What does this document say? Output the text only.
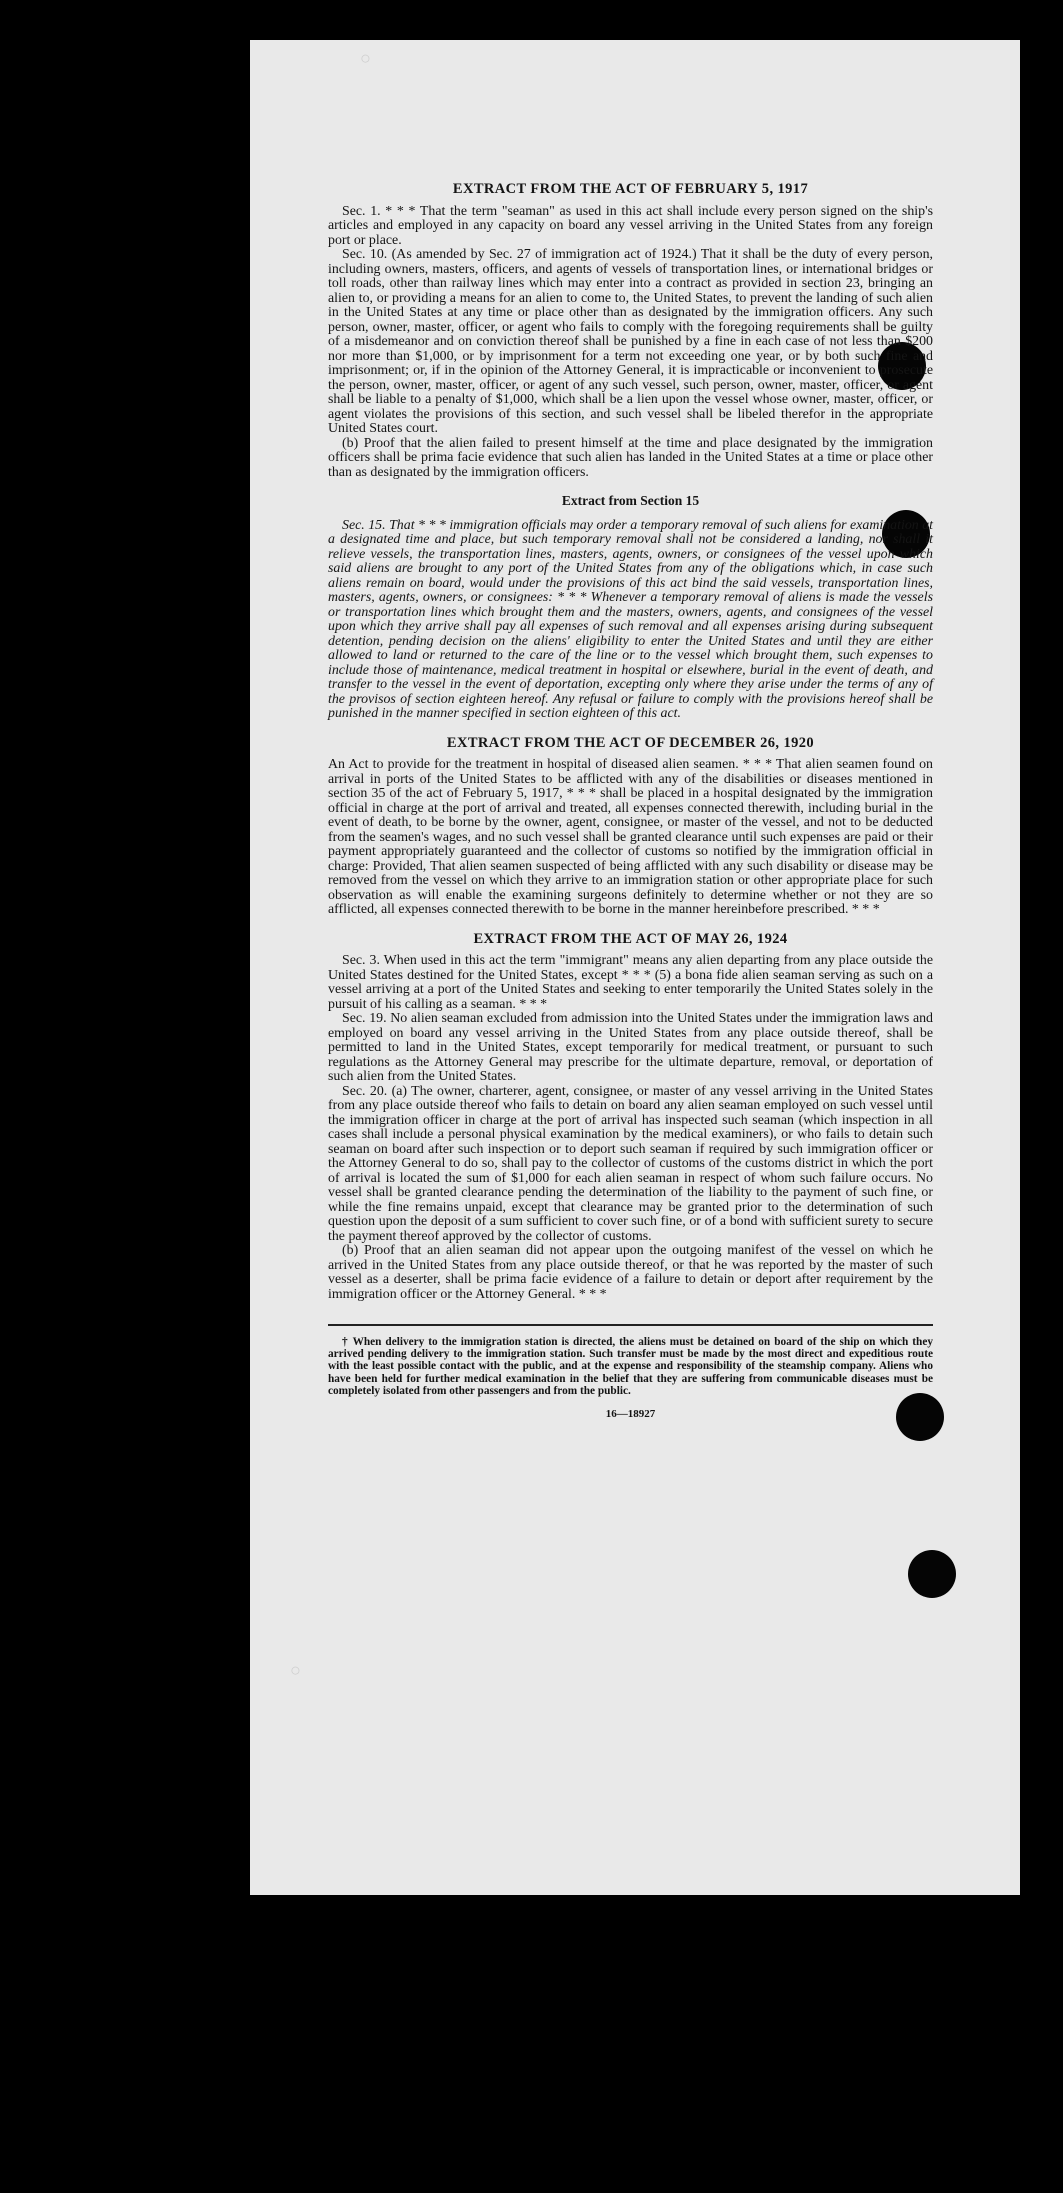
○
○
EXTRACT FROM THE ACT OF FEBRUARY 5, 1917

Sec. 1. * * * That the term "seaman" as used in this act shall include every person signed on the ship's articles and employed in any capacity on board any vessel arriving in the United States from any foreign port or place.

Sec. 10. (As amended by Sec. 27 of immigration act of 1924.) That it shall be the duty of every person, including owners, masters, officers, and agents of vessels of transportation lines, or international bridges or toll roads, other than railway lines which may enter into a contract as provided in section 23, bringing an alien to, or providing a means for an alien to come to, the United States, to prevent the landing of such alien in the United States at any time or place other than as designated by the immigration officers. Any such person, owner, master, officer, or agent who fails to comply with the foregoing requirements shall be guilty of a misdemeanor and on conviction thereof shall be punished by a fine in each case of not less than $200 nor more than $1,000, or by imprisonment for a term not exceeding one year, or by both such fine and imprisonment; or, if in the opinion of the Attorney General, it is impracticable or inconvenient to prosecute the person, owner, master, officer, or agent of any such vessel, such person, owner, master, officer, or agent shall be liable to a penalty of $1,000, which shall be a lien upon the vessel whose owner, master, officer, or agent violates the provisions of this section, and such vessel shall be libeled therefor in the appropriate United States court.

(b) Proof that the alien failed to present himself at the time and place designated by the immigration officers shall be prima facie evidence that such alien has landed in the United States at a time or place other than as designated by the immigration officers.

Extract from Section 15

Sec. 15. That * * * immigration officials may order a temporary removal of such aliens for examination at a designated time and place, but such temporary removal shall not be considered a landing, nor shall it relieve vessels, the transportation lines, masters, agents, owners, or consignees of the vessel upon which said aliens are brought to any port of the United States from any of the obligations which, in case such aliens remain on board, would under the provisions of this act bind the said vessels, transportation lines, masters, agents, owners, or consignees: * * * Whenever a temporary removal of aliens is made the vessels or transportation lines which brought them and the masters, owners, agents, and consignees of the vessel upon which they arrive shall pay all expenses of such removal and all expenses arising during subsequent detention, pending decision on the aliens' eligibility to enter the United States and until they are either allowed to land or returned to the care of the line or to the vessel which brought them, such expenses to include those of maintenance, medical treatment in hospital or elsewhere, burial in the event of death, and transfer to the vessel in the event of deportation, excepting only where they arise under the terms of any of the provisos of section eighteen hereof. Any refusal or failure to comply with the provisions hereof shall be punished in the manner specified in section eighteen of this act.

EXTRACT FROM THE ACT OF DECEMBER 26, 1920

An Act to provide for the treatment in hospital of diseased alien seamen. * * * That alien seamen found on arrival in ports of the United States to be afflicted with any of the disabilities or diseases mentioned in section 35 of the act of February 5, 1917, * * * shall be placed in a hospital designated by the immigration official in charge at the port of arrival and treated, all expenses connected therewith, including burial in the event of death, to be borne by the owner, agent, consignee, or master of the vessel, and not to be deducted from the seamen's wages, and no such vessel shall be granted clearance until such expenses are paid or their payment appropriately guaranteed and the collector of customs so notified by the immigration official in charge: Provided, That alien seamen suspected of being afflicted with any such disability or disease may be removed from the vessel on which they arrive to an immigration station or other appropriate place for such observation as will enable the examining surgeons definitely to determine whether or not they are so afflicted, all expenses connected therewith to be borne in the manner hereinbefore prescribed. * * *

EXTRACT FROM THE ACT OF MAY 26, 1924

Sec. 3. When used in this act the term "immigrant" means any alien departing from any place outside the United States destined for the United States, except * * * (5) a bona fide alien seaman serving as such on a vessel arriving at a port of the United States and seeking to enter temporarily the United States solely in the pursuit of his calling as a seaman. * * *

Sec. 19. No alien seaman excluded from admission into the United States under the immigration laws and employed on board any vessel arriving in the United States from any place outside thereof, shall be permitted to land in the United States, except temporarily for medical treatment, or pursuant to such regulations as the Attorney General may prescribe for the ultimate departure, removal, or deportation of such alien from the United States.

Sec. 20. (a) The owner, charterer, agent, consignee, or master of any vessel arriving in the United States from any place outside thereof who fails to detain on board any alien seaman employed on such vessel until the immigration officer in charge at the port of arrival has inspected such seaman (which inspection in all cases shall include a personal physical examination by the medical examiners), or who fails to detain such seaman on board after such inspection or to deport such seaman if required by such immigration officer or the Attorney General to do so, shall pay to the collector of customs of the customs district in which the port of arrival is located the sum of $1,000 for each alien seaman in respect of whom such failure occurs. No vessel shall be granted clearance pending the determination of the liability to the payment of such fine, or while the fine remains unpaid, except that clearance may be granted prior to the determination of such question upon the deposit of a sum sufficient to cover such fine, or of a bond with sufficient surety to secure the payment thereof approved by the collector of customs.

(b) Proof that an alien seaman did not appear upon the outgoing manifest of the vessel on which he arrived in the United States from any place outside thereof, or that he was reported by the master of such vessel as a deserter, shall be prima facie evidence of a failure to detain or deport after requirement by the immigration officer or the Attorney General. * * *

† When delivery to the immigration station is directed, the aliens must be detained on board of the ship on which they arrived pending delivery to the immigration station. Such transfer must be made by the most direct and expeditious route with the least possible contact with the public, and at the expense and responsibility of the steamship company. Aliens who have been held for further medical examination in the belief that they are suffering from communicable diseases must be completely isolated from other passengers and from the public.

16—18927
